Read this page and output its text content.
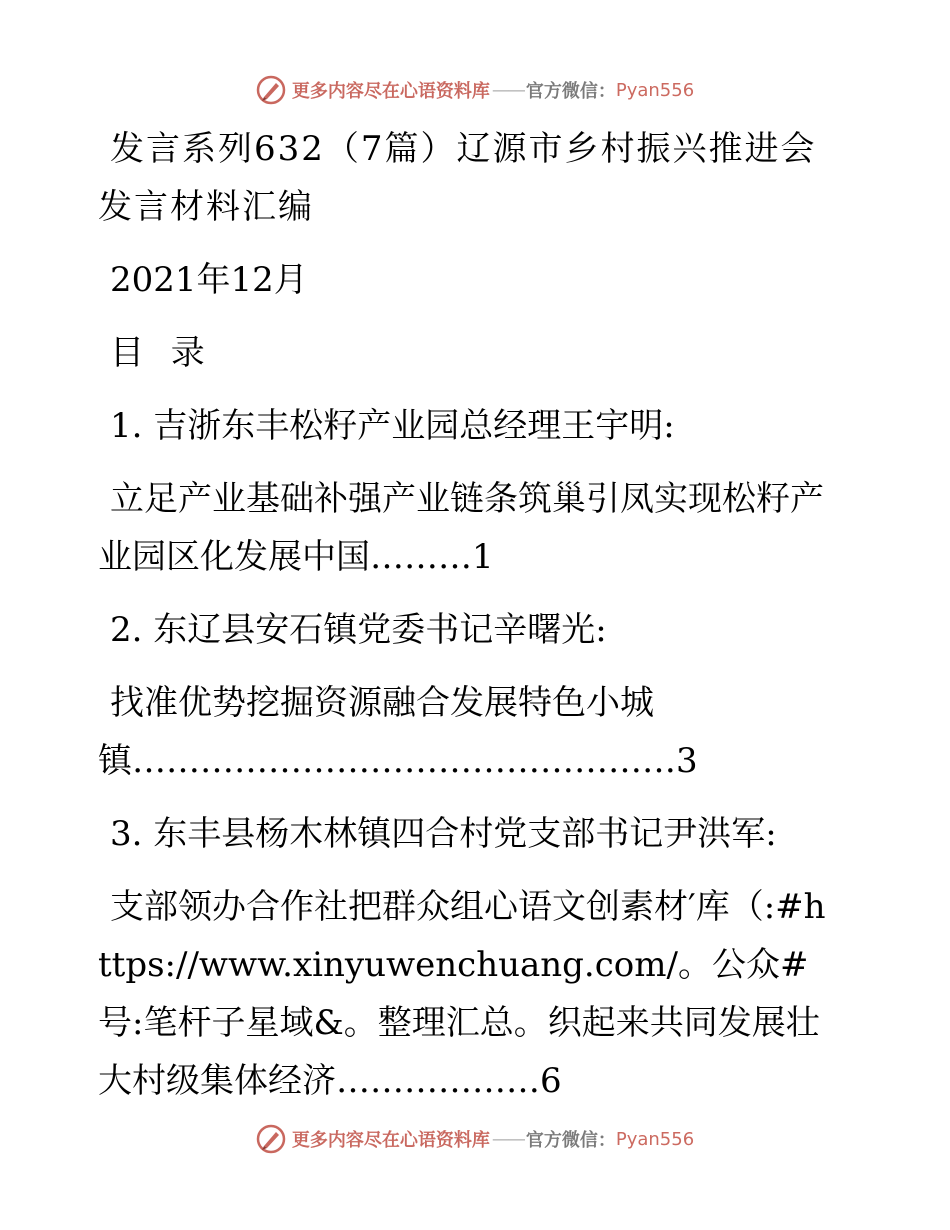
更多内容尽在心语资料库 —— 官方微信： Pyan556

发言系列632（7篇）辽源市乡村振兴推进会发言材料汇编

2021年12月

目 录

1. 吉浙东丰松籽产业园总经理王宇明:

立足产业基础补强产业链条筑巢引凤实现松籽产业园区化发展中国………1

2. 东辽县安石镇党委书记辛曙光:

找准优势挖掘资源融合发展特色小城镇…………………………………………3

3. 东丰县杨木林镇四合村党支部书记尹洪军:

支部领办合作社把群众组心语文创素材′库（:#https://www.xinyuwenchuang.com/。公众#号:笔杆子星域&。整理汇总。织起来共同发展壮大村级集体经济………………6

更多内容尽在心语资料库 —— 官方微信： Pyan556
